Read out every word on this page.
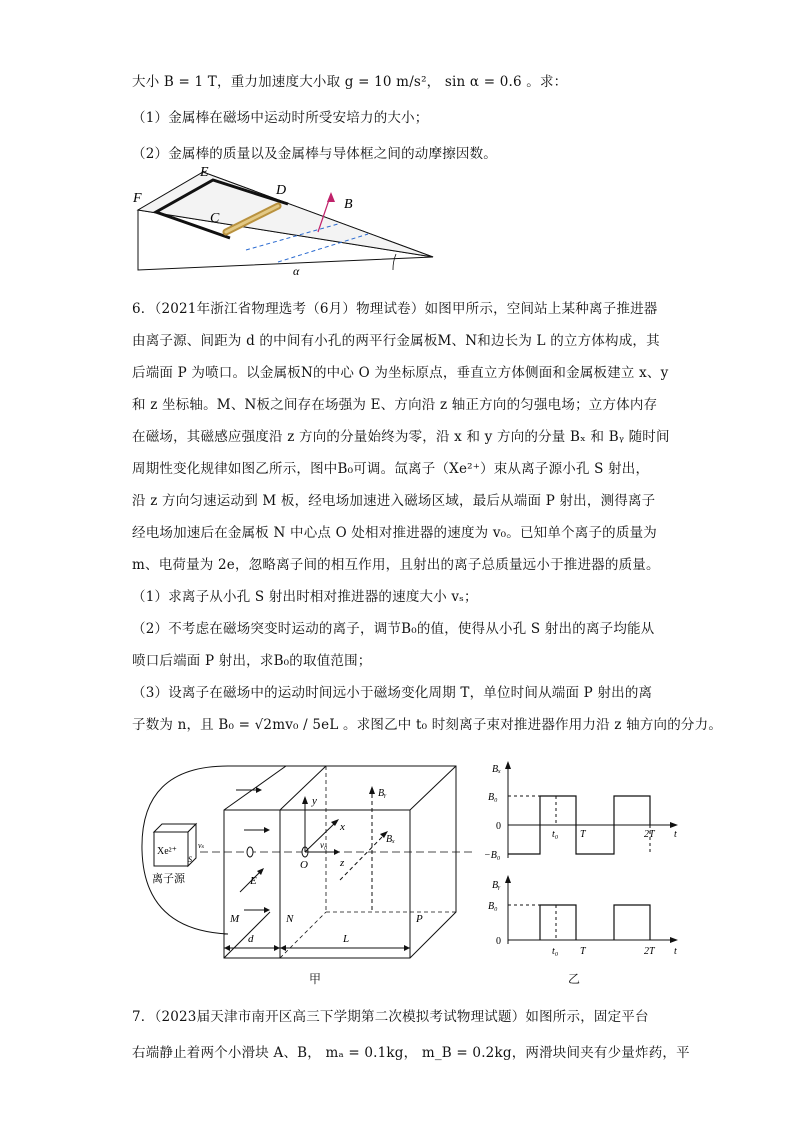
大小 B = 1 T，重力加速度大小取 g = 10 m/s²， sin α = 0.6 。求：
（1）金属棒在磁场中运动时所受安培力的大小；
（2）金属棒的质量以及金属棒与导体框之间的动摩擦因数。
F
E
C
D
B
α
6．（2021年浙江省物理选考（6月）物理试卷）如图甲所示，空间站上某种离子推进器
由离子源、间距为 d 的中间有小孔的两平行金属板M、N和边长为 L 的立方体构成，其
后端面 P 为喷口。以金属板N的中心 O 为坐标原点，垂直立方体侧面和金属板建立 x、y
和 z 坐标轴。M、N板之间存在场强为 E、方向沿 z 轴正方向的匀强电场；立方体内存
在磁场，其磁感应强度沿 z 方向的分量始终为零，沿 x 和 y 方向的分量 Bₓ 和 Bᵧ 随时间
周期性变化规律如图乙所示，图中B₀可调。氙离子（Xe²⁺）束从离子源小孔 S 射出，
沿 z 方向匀速运动到 M 板，经电场加速进入磁场区域，最后从端面 P 射出，测得离子
经电场加速后在金属板 N 中心点 O 处相对推进器的速度为 v₀。已知单个离子的质量为
m、电荷量为 2e，忽略离子间的相互作用，且射出的离子总质量远小于推进器的质量。
（1）求离子从小孔 S 射出时相对推进器的速度大小 vₛ；
（2）不考虑在磁场突变时运动的离子，调节B₀的值，使得从小孔 S 射出的离子均能从
喷口后端面 P 射出，求B₀的取值范围；
（3）设离子在磁场中的运动时间远小于磁场变化周期 T，单位时间从端面 P 射出的离
子数为 n，且 B₀ = √2mv₀ / 5eL 。求图乙中 t₀ 时刻离子束对推进器作用力沿 z 轴方向的分力。
Xe²⁺
S
vₛ
离子源	E
y
x
z
O
v₀
Bᵧ
Bₓ
M	N	P
d	L
甲
Bₓ
B₀
0
−B₀
t₀ T	2T t
Bᵧ
B₀
0
t₀ T	2T t
乙
7．（2023届天津市南开区高三下学期第二次模拟考试物理试题）如图所示，固定平台
右端静止着两个小滑块 A、B， mₐ = 0.1kg， m_B = 0.2kg，两滑块间夹有少量炸药，平
